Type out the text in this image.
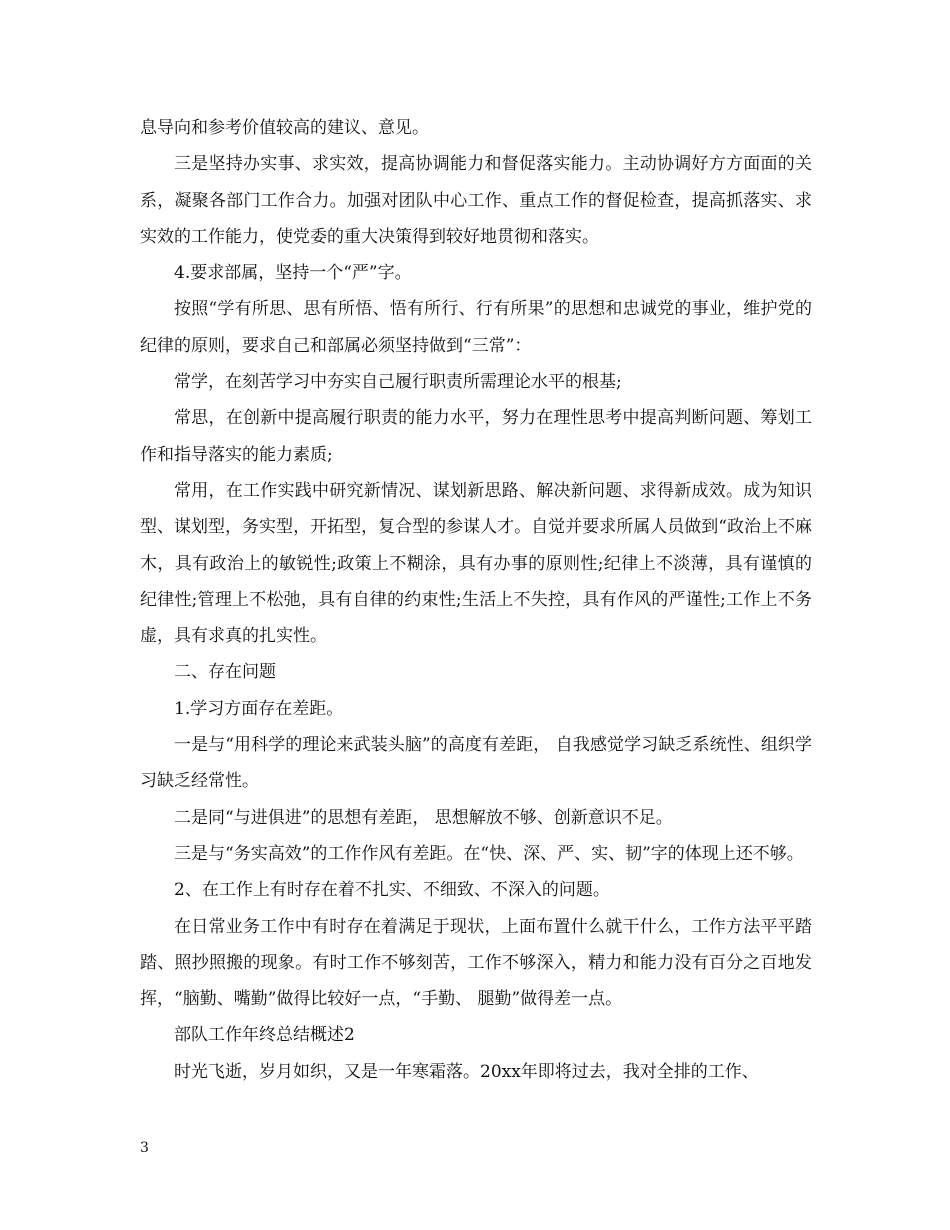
息导向和参考价值较高的建议、意见。

三是坚持办实事、求实效，提高协调能力和督促落实能力。主动协调好方方面面的关系，凝聚各部门工作合力。加强对团队中心工作、重点工作的督促检查，提高抓落实、求实效的工作能力，使党委的重大决策得到较好地贯彻和落实。

4.要求部属，坚持一个“严”字。

按照“学有所思、思有所悟、悟有所行、行有所果”的思想和忠诚党的事业，维护党的纪律的原则，要求自己和部属必须坚持做到“三常”：

常学，在刻苦学习中夯实自己履行职责所需理论水平的根基;

常思，在创新中提高履行职责的能力水平，努力在理性思考中提高判断问题、筹划工作和指导落实的能力素质;

常用，在工作实践中研究新情况、谋划新思路、解决新问题、求得新成效。成为知识型、谋划型，务实型，开拓型，复合型的参谋人才。自觉并要求所属人员做到“政治上不麻木，具有政治上的敏锐性;政策上不糊涂，具有办事的原则性;纪律上不淡薄，具有谨慎的纪律性;管理上不松弛，具有自律的约束性;生活上不失控，具有作风的严谨性;工作上不务虚，具有求真的扎实性。

二、存在问题

1.学习方面存在差距。

一是与“用科学的理论来武装头脑”的高度有差距， 自我感觉学习缺乏系统性、组织学习缺乏经常性。

二是同“与进俱进”的思想有差距， 思想解放不够、创新意识不足。

三是与“务实高效”的工作作风有差距。在“快、深、严、实、韧”字的体现上还不够。

2、在工作上有时存在着不扎实、不细致、不深入的问题。

在日常业务工作中有时存在着满足于现状，上面布置什么就干什么，工作方法平平踏踏、照抄照搬的现象。有时工作不够刻苦，工作不够深入，精力和能力没有百分之百地发挥，“脑勤、嘴勤”做得比较好一点，“手勤、 腿勤”做得差一点。

部队工作年终总结概述2

时光飞逝，岁月如织，又是一年寒霜落。20xx年即将过去，我对全排的工作、

3
